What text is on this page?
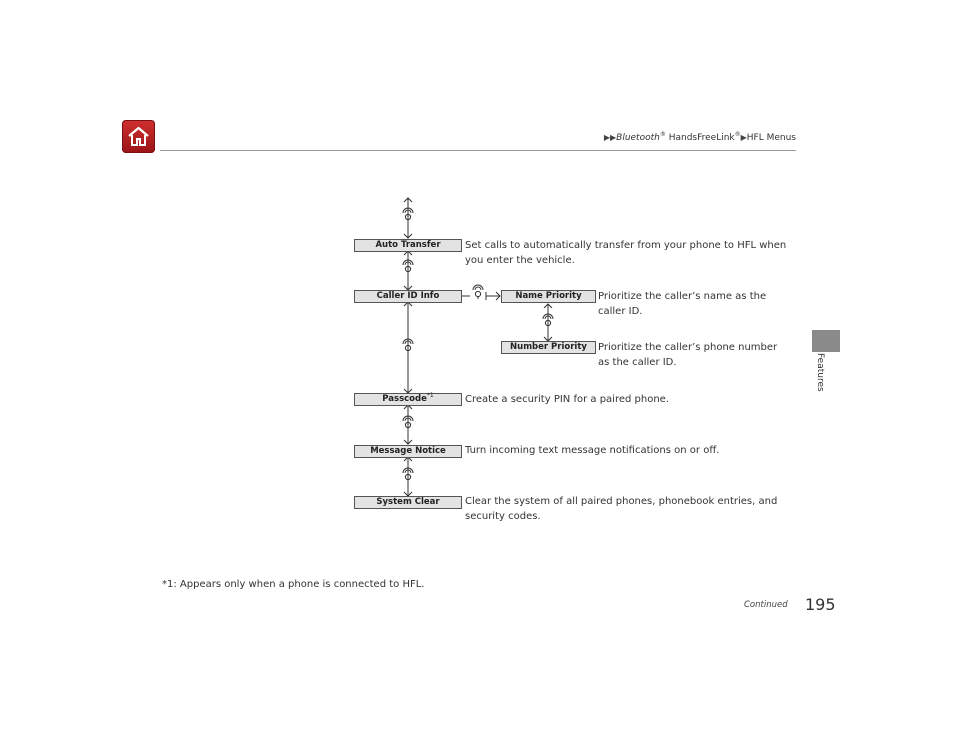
▶▶Bluetooth® HandsFreeLink®▶HFL Menus
Features
Auto Transfer
Caller ID Info
Passcode$^{*1}$
Message Notice
System Clear
Name Priority
Number Priority
Set calls to automatically transfer from your phone to HFL when you enter the vehicle.
Prioritize the caller’s name as the caller ID.
Prioritize the caller’s phone number as the caller ID.
Create a security PIN for a paired phone.
Turn incoming text message notifications on or off.
Clear the system of all paired phones, phonebook entries, and security codes.
*1: Appears only when a phone is connected to HFL.
Continued 195
